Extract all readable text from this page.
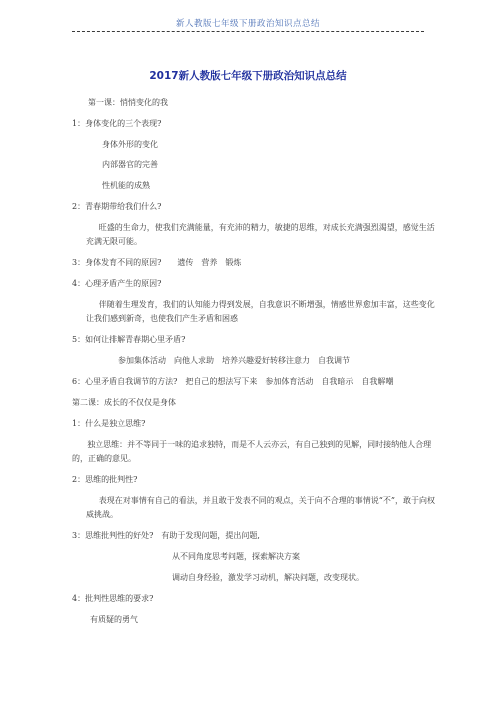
新人教版七年级下册政治知识点总结
2017新人教版七年级下册政治知识点总结
第一课：悄悄变化的我
1：身体变化的三个表现?
身体外形的变化
内部器官的完善
性机能的成熟
2：青春期带给我们什么?
旺盛的生命力，使我们充满能量，有充沛的精力，敏捷的思维，对成长充满强烈渴望，感觉生活充满无限可能。
3：身体发育不同的原因?　　遗传　营养　锻炼
4：心理矛盾产生的原因?
伴随着生理发育，我们的认知能力得到发展，自我意识不断增强，情感世界愈加丰富，这些变化让我们感到新奇，也使我们产生矛盾和困惑
5：如何让排解青春期心里矛盾?
参加集体活动　向他人求助　培养兴趣爱好转移注意力　自我调节
6：心里矛盾自我调节的方法?　把自己的想法写下来　参加体育活动　自我暗示　自我解嘲
第二课：成长的不仅仅是身体
1：什么是独立思维?
独立思维：并不等同于一味的追求独特，而是不人云亦云，有自己独到的见解，同时接纳他人合理的，正确的意见。
2：思维的批判性?
表现在对事情有自己的看法，并且敢于发表不同的观点，关于向不合理的事情说“不”，敢于向权威挑战。
3：思维批判性的好处?　有助于发现问题，提出问题,
从不同角度思考问题，探索解决方案
调动自身经验，激发学习动机，解决问题，改变现状。
4：批判性思维的要求?
有质疑的勇气
